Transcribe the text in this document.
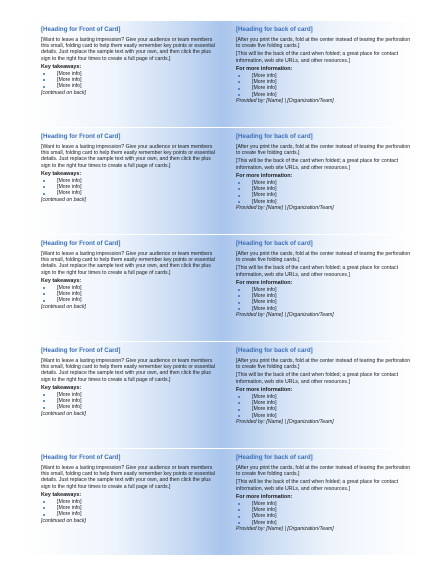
[Heading for Front of Card]
[Want to leave a lasting impression? Give your audience or team members this small, folding card to help them easily remember key points or essential details. Just replace the sample text with your own, and then click the plus sign to the right four times to create a full page of cards.]
Key takeaways:
[More info]
[More info]
[More info]
[continued on back]
[Heading for back of card]
[After you print the cards, fold at the center instead of tearing the perforation to create five folding cards.]
[This will be the back of the card when folded; a great place for contact information, web site URLs, and other resources.]
For more information:
[More info]
[More info]
[More info]
[More info]
Provided by: [Name] | [Organization/Team]
[Heading for Front of Card]
[Want to leave a lasting impression? Give your audience or team members this small, folding card to help them easily remember key points or essential details. Just replace the sample text with your own, and then click the plus sign to the right four times to create a full page of cards.]
Key takeaways:
[More info]
[More info]
[More info]
[continued on back]
[Heading for back of card]
[After you print the cards, fold at the center instead of tearing the perforation to create five folding cards.]
[This will be the back of the card when folded; a great place for contact information, web site URLs, and other resources.]
For more information:
[More info]
[More info]
[More info]
[More info]
Provided by: [Name] | [Organization/Team]
[Heading for Front of Card]
[Want to leave a lasting impression? Give your audience or team members this small, folding card to help them easily remember key points or essential details. Just replace the sample text with your own, and then click the plus sign to the right four times to create a full page of cards.]
Key takeaways:
[More info]
[More info]
[More info]
[continued on back]
[Heading for back of card]
[After you print the cards, fold at the center instead of tearing the perforation to create five folding cards.]
[This will be the back of the card when folded; a great place for contact information, web site URLs, and other resources.]
For more information:
[More info]
[More info]
[More info]
[More info]
Provided by: [Name] | [Organization/Team]
[Heading for Front of Card]
[Want to leave a lasting impression? Give your audience or team members this small, folding card to help them easily remember key points or essential details. Just replace the sample text with your own, and then click the plus sign to the right four times to create a full page of cards.]
Key takeaways:
[More info]
[More info]
[More info]
[continued on back]
[Heading for back of card]
[After you print the cards, fold at the center instead of tearing the perforation to create five folding cards.]
[This will be the back of the card when folded; a great place for contact information, web site URLs, and other resources.]
For more information:
[More info]
[More info]
[More info]
[More info]
Provided by: [Name] | [Organization/Team]
[Heading for Front of Card]
[Want to leave a lasting impression? Give your audience or team members this small, folding card to help them easily remember key points or essential details. Just replace the sample text with your own, and then click the plus sign to the right four times to create a full page of cards.]
Key takeaways:
[More info]
[More info]
[More info]
[continued on back]
[Heading for back of card]
[After you print the cards, fold at the center instead of tearing the perforation to create five folding cards.]
[This will be the back of the card when folded; a great place for contact information, web site URLs, and other resources.]
For more information:
[More info]
[More info]
[More info]
[More info]
Provided by: [Name] | [Organization/Team]
